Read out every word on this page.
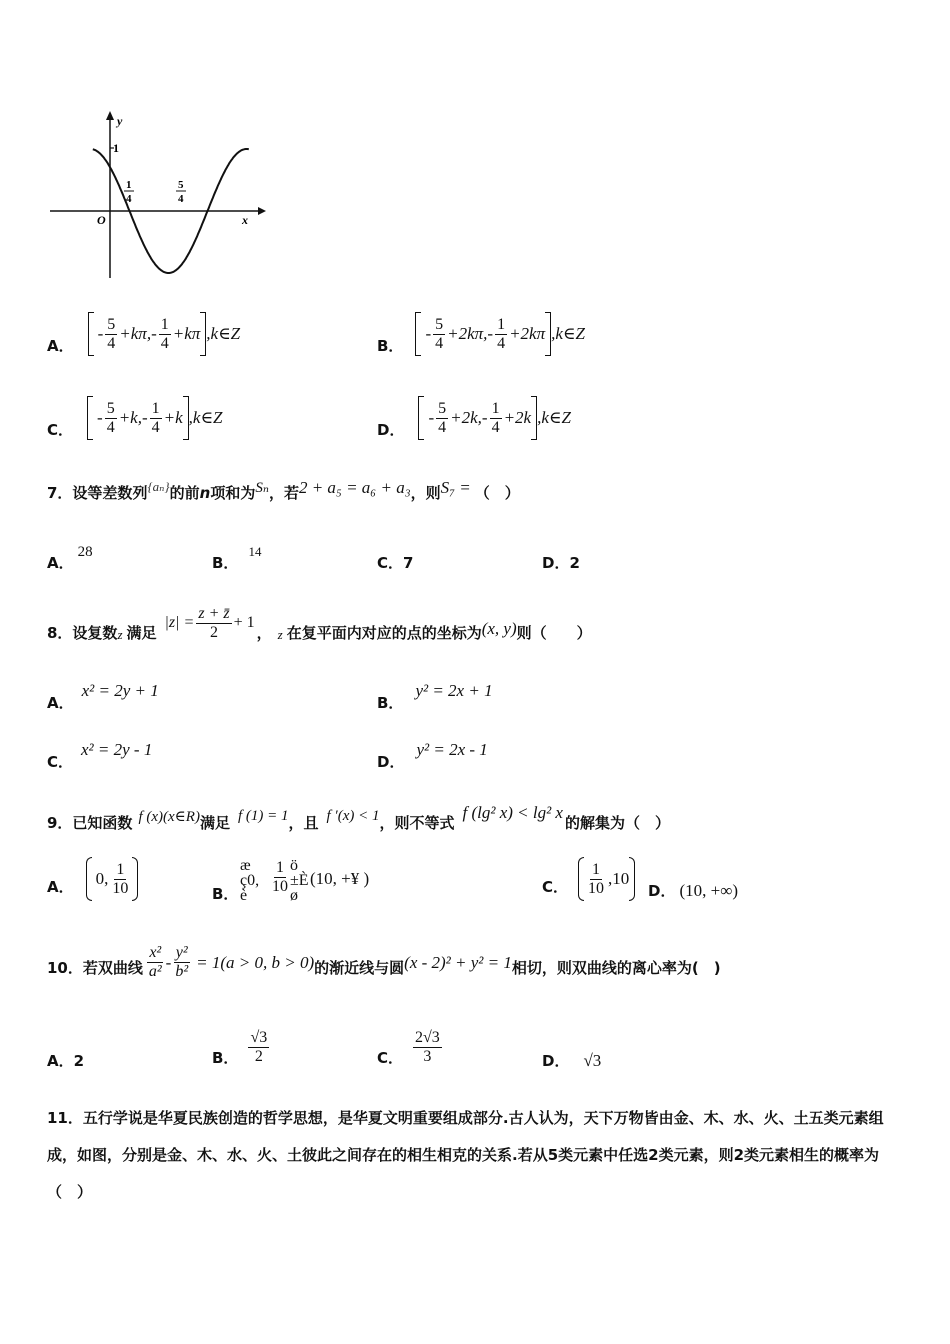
y
x
O
1
1
4
5
4
A．
- $\frac{5}{4} +k\pi$, - $\frac{1}{4} +k\pi$ ,k∈Z
B．
- $\frac{5}{4} +2k\pi$, - $\frac{1}{4} +2k\pi$ ,k∈Z
C．
- $\frac{5}{4} +k$, - $\frac{1}{4} +k$ ,k∈Z
D．
- $\frac{5}{4} +2k$, - $\frac{1}{4} +2k$ ,k∈Z
7．设等差数列 {aₙ} 的前 n 项和为 Sₙ ，若 2 + a₅ = a₆ + a₃ ，则 S₇ = （　）
A．28
B．14
C．7	D．2
8．设复数 z 满足
$|z| = \frac{z + z̄}{2} + 1$
， z 在复平面内对应的点的坐标为 (x, y) 则（　　）
A．x² = 2y + 1
B．y² = 2x + 1
C．x² = 2y - 1
D．y² = 2x - 1
9．已知函数 f (x)(x∈R) 满足 f (1) = 1 ，且 f ′(x) < 1 ，则不等式
f (lg² x) < lg² x
的解集为（　）
A． 0, $\frac{1}{10}$	B．
æ
ç0,
è $\frac{1}{10}$ ö
±È
ø
(10, +¥ )	C． $\frac{1}{10} ,10$
D． (10, +∞)
10．若双曲线 $\frac{\text{x²}}{\text{a²}} - \frac{\text{y²}}{\text{b²}} = 1(a > 0$, b > 0) 的渐近线与圆 (x - 2)² + y² = 1 相切，则双曲线的离心率为(　)
A．2	B． $\frac{√3}{2}$	C． $\frac{2√3}{3}$	D． √3
11．五行学说是华夏民族创造的哲学思想，是华夏文明重要组成部分.古人认为，天下万物皆由金、木、水、火、土五类元素组成，如图，分别是金、木、水、火、土彼此之间存在的相生相克的关系.若从5类元素中任选2类元素，则2类元素相生的概率为（　）
